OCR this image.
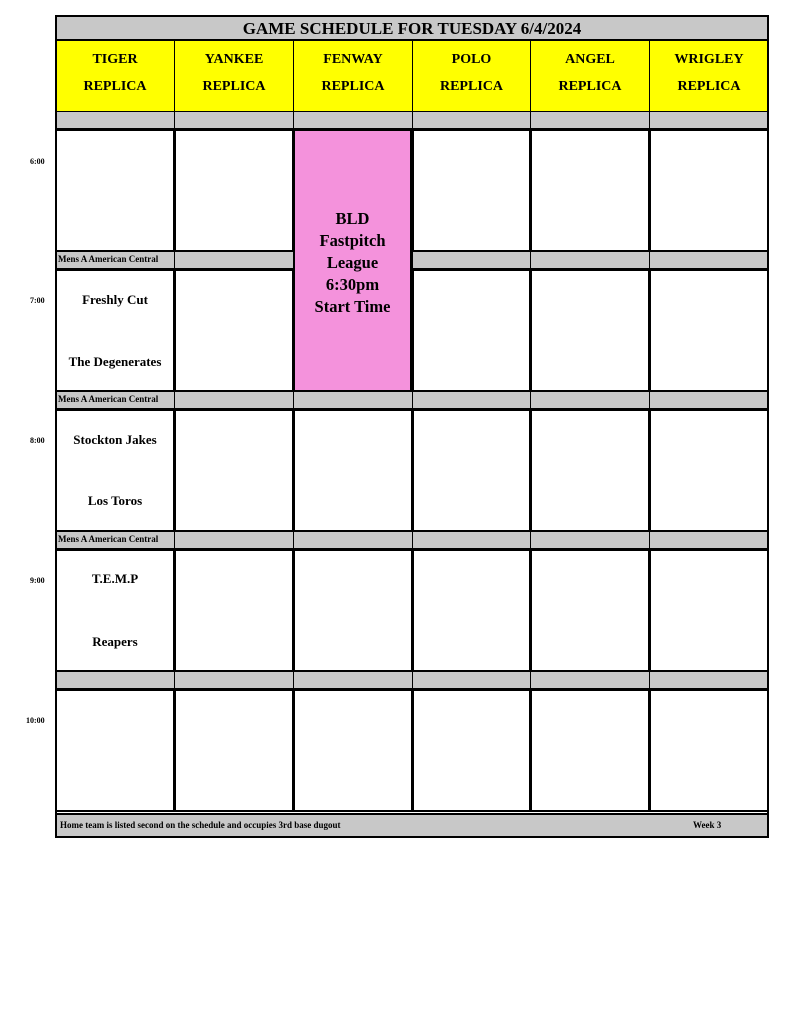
GAME SCHEDULE FOR TUESDAY 6/4/2024
TIGER
REPLICA
YANKEE
REPLICA
FENWAY
REPLICA
POLO
REPLICA
ANGEL
REPLICA
WRIGLEY
REPLICA
Mens A American Central
Mens A American Central
Mens A American Central
BLD
Fastpitch
League
6:30pm
Start Time
Freshly Cut
The Degenerates
Stockton Jakes
Los Toros
T.E.M.P
Reapers
6:00
7:00
8:00
9:00
10:00
Home team is listed second on the schedule and occupies 3rd base dugout	Week 3
